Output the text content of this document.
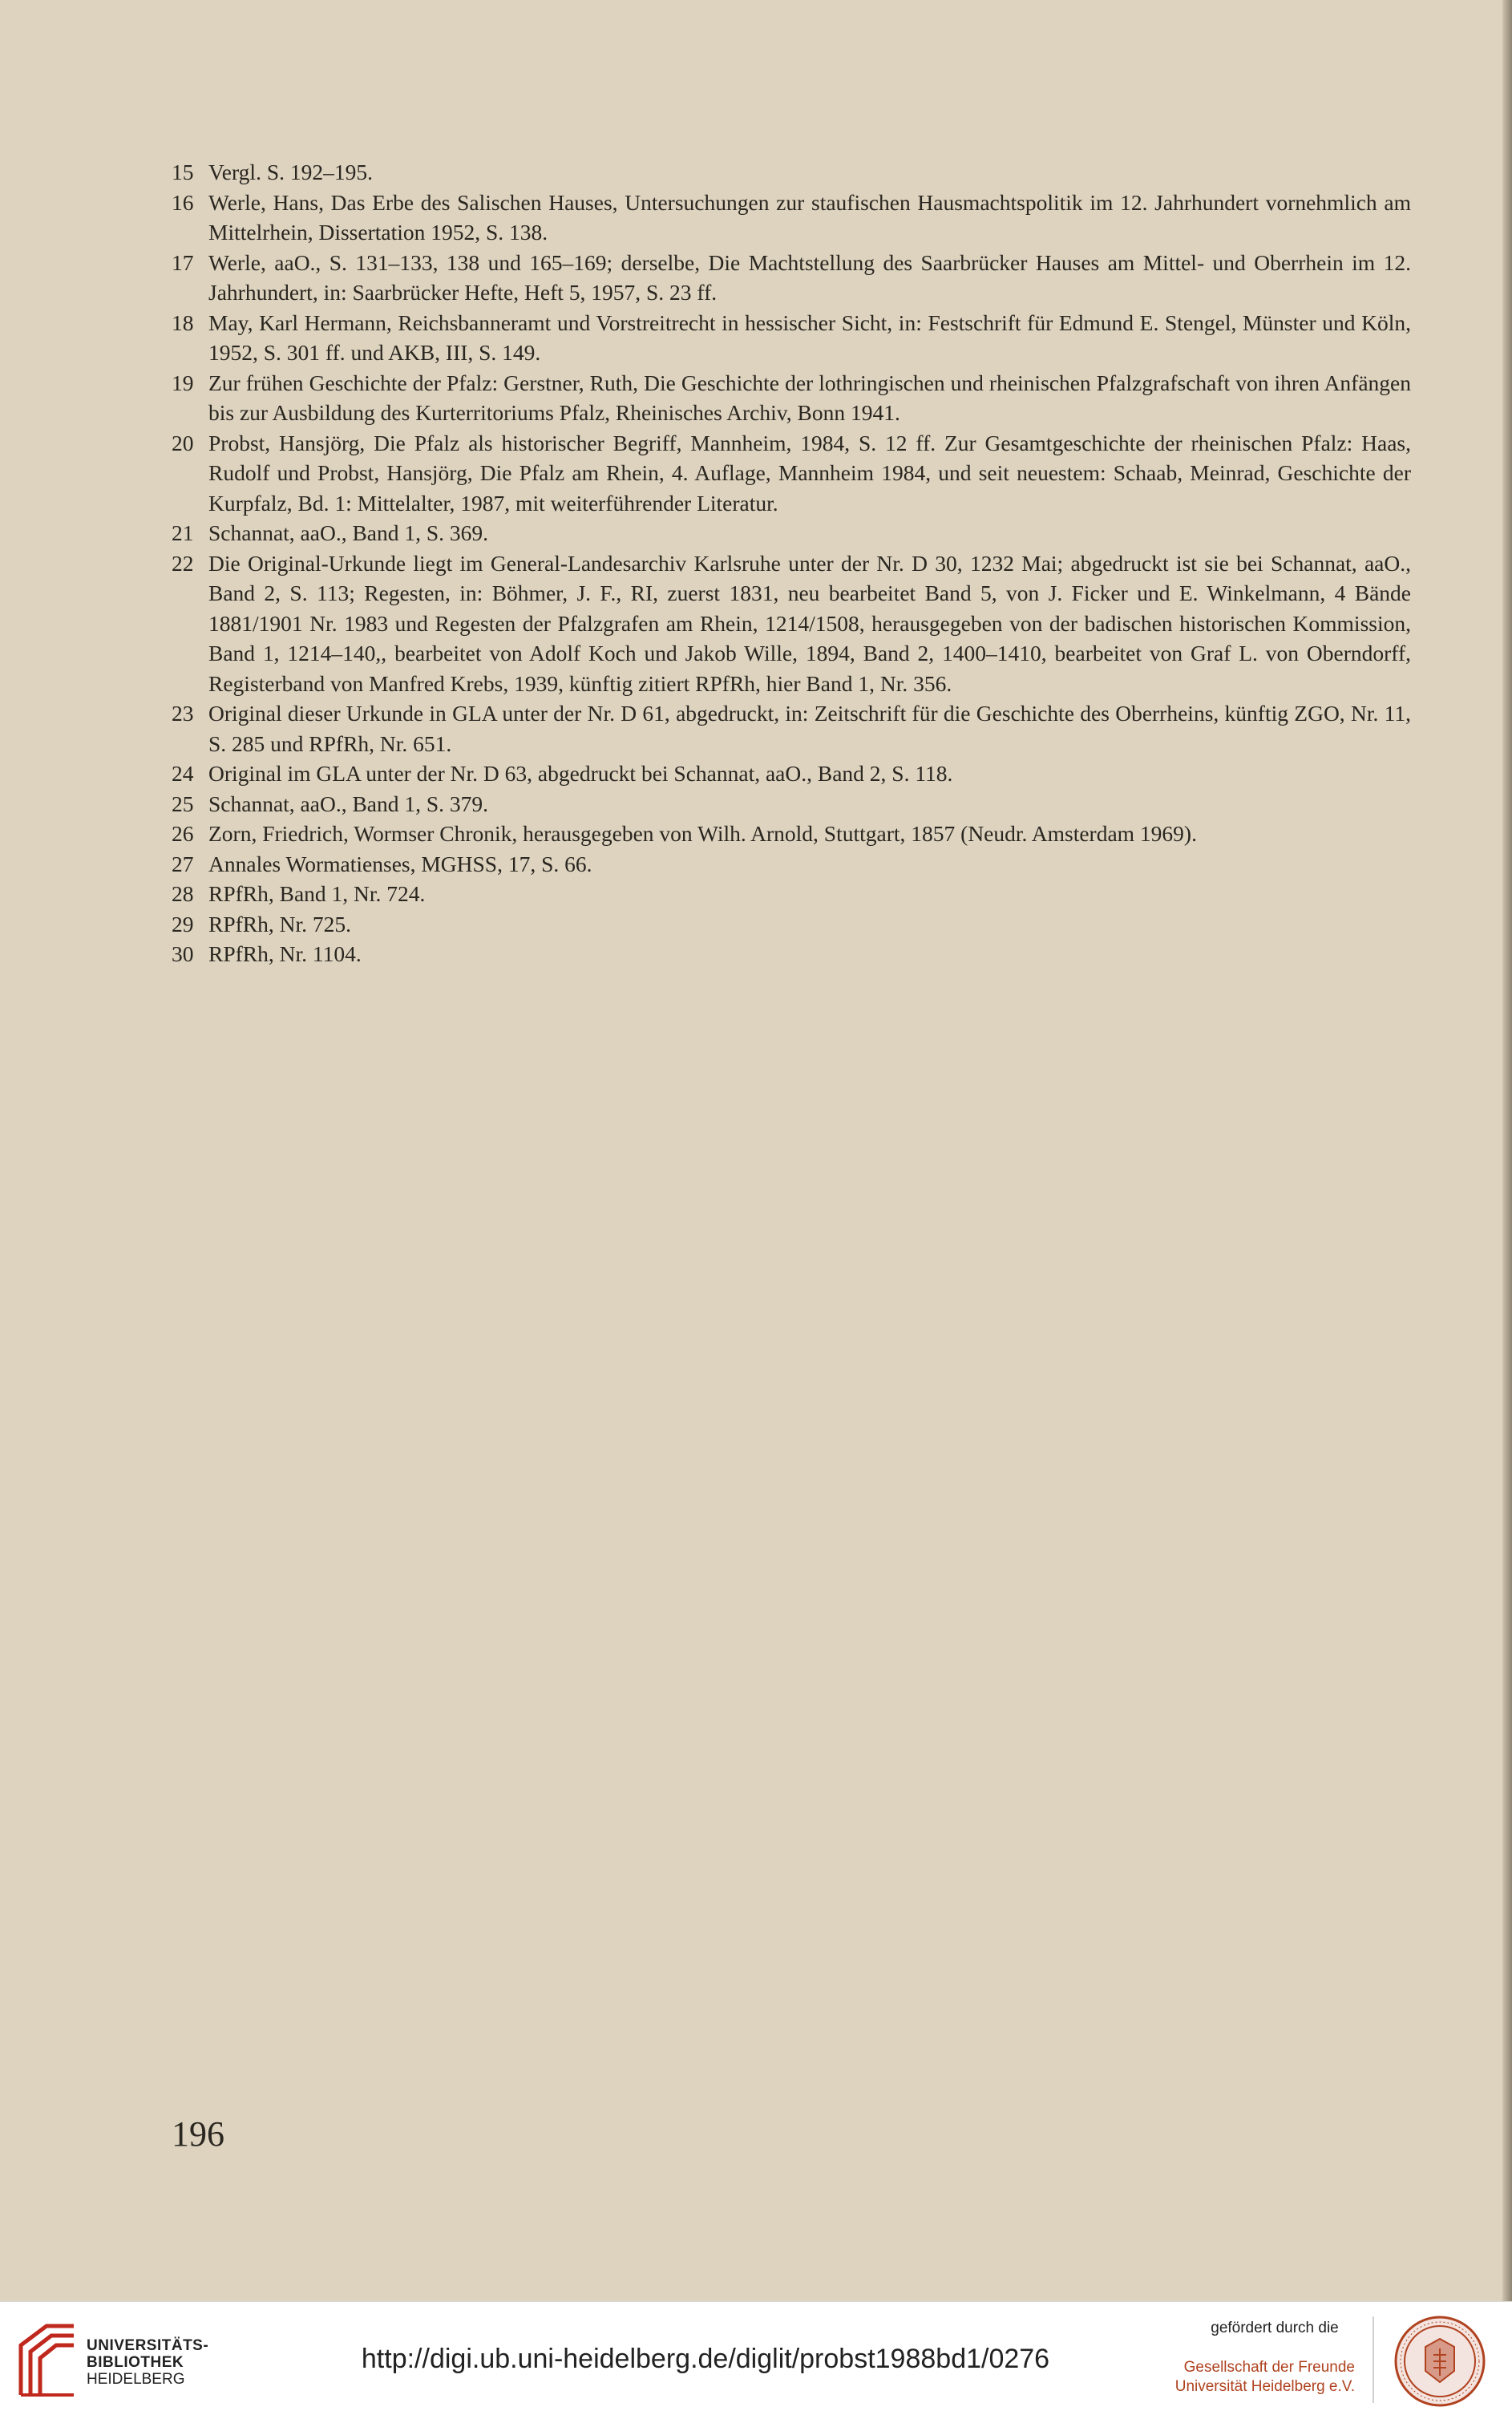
15 Vergl. S. 192–195.
16 Werle, Hans, Das Erbe des Salischen Hauses, Untersuchungen zur staufischen Hausmachtspolitik im 12. Jahrhundert vornehmlich am Mittelrhein, Dissertation 1952, S. 138.
17 Werle, aaO., S. 131–133, 138 und 165–169; derselbe, Die Machtstellung des Saarbrücker Hauses am Mittel- und Oberrhein im 12. Jahrhundert, in: Saarbrücker Hefte, Heft 5, 1957, S. 23 ff.
18 May, Karl Hermann, Reichsbanneramt und Vorstreitrecht in hessischer Sicht, in: Festschrift für Edmund E. Stengel, Münster und Köln, 1952, S. 301 ff. und AKB, III, S. 149.
19 Zur frühen Geschichte der Pfalz: Gerstner, Ruth, Die Geschichte der lothringischen und rheinischen Pfalzgrafschaft von ihren Anfängen bis zur Ausbildung des Kurterritoriums Pfalz, Rheinisches Archiv, Bonn 1941.
20 Probst, Hansjörg, Die Pfalz als historischer Begriff, Mannheim, 1984, S. 12 ff. Zur Gesamtgeschichte der rheinischen Pfalz: Haas, Rudolf und Probst, Hansjörg, Die Pfalz am Rhein, 4. Auflage, Mannheim 1984, und seit neuestem: Schaab, Meinrad, Geschichte der Kurpfalz, Bd. 1: Mittelalter, 1987, mit weiterführender Literatur.
21 Schannat, aaO., Band 1, S. 369.
22 Die Original-Urkunde liegt im General-Landesarchiv Karlsruhe unter der Nr. D 30, 1232 Mai; abgedruckt ist sie bei Schannat, aaO., Band 2, S. 113; Regesten, in: Böhmer, J. F., RI, zuerst 1831, neu bearbeitet Band 5, von J. Ficker und E. Winkelmann, 4 Bände 1881/1901 Nr. 1983 und Regesten der Pfalzgrafen am Rhein, 1214/1508, herausgegeben von der badischen historischen Kommission, Band 1, 1214–140,, bearbeitet von Adolf Koch und Jakob Wille, 1894, Band 2, 1400–1410, bearbeitet von Graf L. von Oberndorff, Registerband von Manfred Krebs, 1939, künftig zitiert RPfRh, hier Band 1, Nr. 356.
23 Original dieser Urkunde in GLA unter der Nr. D 61, abgedruckt, in: Zeitschrift für die Geschichte des Oberrheins, künftig ZGO, Nr. 11, S. 285 und RPfRh, Nr. 651.
24 Original im GLA unter der Nr. D 63, abgedruckt bei Schannat, aaO., Band 2, S. 118.
25 Schannat, aaO., Band 1, S. 379.
26 Zorn, Friedrich, Wormser Chronik, herausgegeben von Wilh. Arnold, Stuttgart, 1857 (Neudr. Amsterdam 1969).
27 Annales Wormatienses, MGHSS, 17, S. 66.
28 RPfRh, Band 1, Nr. 724.
29 RPfRh, Nr. 725.
30 RPfRh, Nr. 1104.
196
UNIVERSITÄTS-
BIBLIOTHEK
HEIDELBERG
http://digi.ub.uni-heidelberg.de/diglit/probst1988bd1/0276
gefördert durch die
Gesellschaft der Freunde
Universität Heidelberg e.V.
